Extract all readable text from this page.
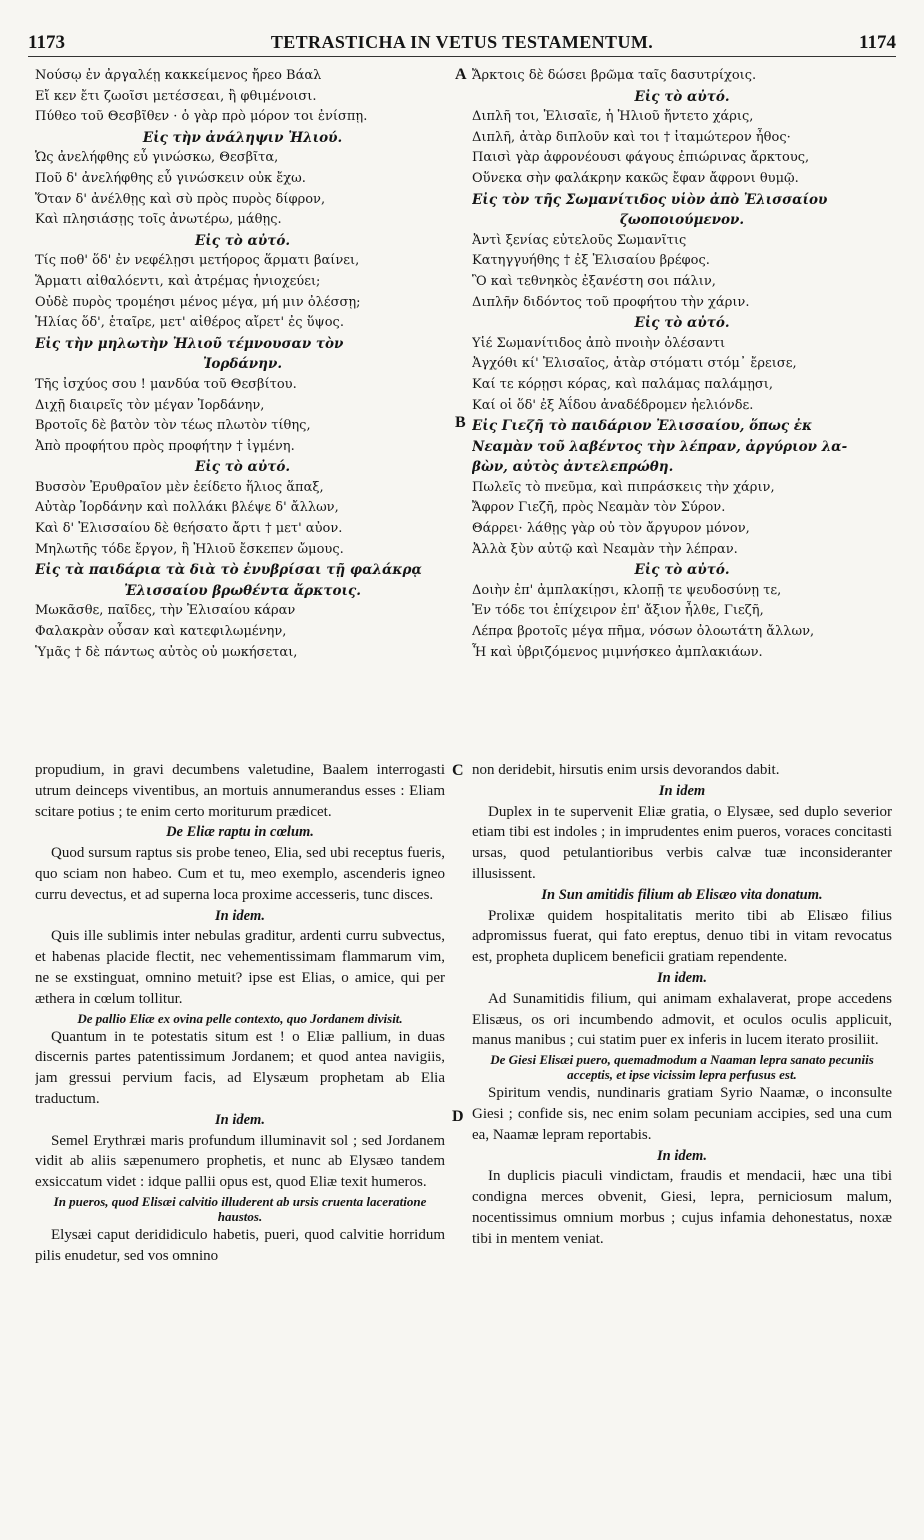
1173	TETRASTICHA IN VETUS TESTAMENTUM.	1174
Νούσῳ ἐν ἀργαλέῃ κακκείμενος ἤρεο Βάαλ
Εἴ κεν ἔτι ζωοῖσι μετέσσεαι, ἢ φθιμένοισι.
Πύθεο τοῦ Θεσβῖθεν · ὁ γὰρ πρὸ μόρον τοι ἐνίσπῃ.
Εἰς τὴν ἀνάληψιν Ἠλιού.
Ὡς ἀνελήφθης εὖ γινώσκω, Θεσβῖτα,
Ποῦ δ' ἀνελήφθης εὖ γινώσκειν οὐκ ἔχω.
Ὅταν δ' ἀνέλθῃς καὶ σὺ πρὸς πυρὸς δίφρον,
Καὶ πλησιάσῃς τοῖς ἀνωτέρω, μάθῃς.
Εἰς τὸ αὐτό.
Τίς ποθ' ὅδ' ἐν νεφέλῃσι μετήορος ἅρματι βαίνει,
Ἅρματι αἰθαλόεντι, καὶ ἀτρέμας ἡνιοχεύει;
Οὐδὲ πυρὸς τρομέησι μένος μέγα, μή μιν ὀλέσσῃ;
Ἠλίας ὅδ', ἑταῖρε, μετ' αἰθέρος αἴρετ' ἐς ὕψος.
Εἰς τὴν μηλωτὴν Ἠλιοῦ τέμνουσαν τὸν
Ἰορδάνην.
Τῆς ἰσχύος σου ! μανδύα τοῦ Θεσβίτου.
Διχῇ διαιρεῖς τὸν μέγαν Ἰορδάνην,
Βροτοῖς δὲ βατὸν τὸν τέως πλωτὸν τίθης,
Ἀπὸ προφήτου πρὸς προφήτην † ἰγμένη.
Εἰς τὸ αὐτό.
Βυσσὸν Ἐρυθραῖον μὲν ἐείδετο ἥλιος ἅπαξ,
Αὐτὰρ Ἰορδάνην καὶ πολλάκι βλέψε δ' ἄλλων,
Καὶ δ' Ἐλισσαίου δὲ θεήσατο ἄρτι † μετ' αὐον.
Μηλωτῆς τόδε ἔργον, ἣ Ἠλιοῦ ἔσκεπεν ὤμους.
Εἰς τὰ παιδάρια τὰ διὰ τὸ ἐνυβρίσαι τῇ φαλάκρᾳ
Ἐλισσαίου βρωθέντα ἄρκτοις.
Μωκᾶσθε, παῖδες, τὴν Ἐλισαίου κάραν
Φαλακρὰν οὖσαν καὶ κατεφιλωμένην,
Ὑμᾶς † δὲ πάντως αὐτὸς οὐ μωκήσεται,
Ἄρκτοις δὲ δώσει βρῶμα ταῖς δασυτρίχοις.
Εἰς τὸ αὐτό.
Διπλῆ τοι, Ἐλισαῖε, ἡ Ἠλιοῦ ἤντετο χάρις,
Διπλῆ, ἀτὰρ διπλοῦν καὶ τοι † ἰταμώτερον ἦθος·
Παισὶ γὰρ ἀφρονέουσι φάγους ἐπιώρινας ἄρκτους,
Οὕνεκα σὴν φαλάκρην κακῶς ἔφαν ἄφρονι θυμῷ.
Εἰς τὸν τῆς Σωμανίτιδος υἱὸν ἀπὸ Ἐλισσαίου
ζωοποιούμενον.
Ἀντὶ ξενίας εὐτελοῦς Σωμανῖτις
Κατηγγυήθης † ἐξ Ἐλισαίου βρέφος.
Ὃ καὶ τεθνηκὸς ἐξανέστη σοι πάλιν,
Διπλῆν διδόντος τοῦ προφήτου τὴν χάριν.
Εἰς τὸ αὐτό.
Υἱέ Σωμανίτιδος ἀπὸ πνοιὴν ὀλέσαντι
Ἀγχόθι κί' Ἐλισαῖος, ἀτὰρ στόματι στόμ᾽ ἔρεισε,
Καί τε κόρῃσι κόρας, καὶ παλάμας παλάμῃσι,
Καί οἱ ὅδ' ἐξ Ἀΐδου ἀναδέδρομεν ἠελιόνδε.
Εἰς Γιεζῆ τὸ παιδάριον Ἐλισσαίου, ὅπως ἐκ
Νεαμὰν τοῦ λαβέντος τὴν λέπραν, ἀργύριον λα-
βὼν, αὐτὸς ἀντελεπρώθη.
Πωλεῖς τὸ πνεῦμα, καὶ πιπράσκεις τὴν χάριν,
Ἄφρον Γιεζῆ, πρὸς Νεαμὰν τὸν Σύρον.
Θάρρει· λάθῃς γὰρ οὐ τὸν ἄργυρον μόνον,
Ἀλλὰ ξὺν αὐτῷ καὶ Νεαμὰν τὴν λέπραν.
Εἰς τὸ αὐτό.
Δοιὴν ἐπ' ἀμπλακίῃσι, κλοπῇ τε ψευδοσύνῃ τε,
Ἐν τόδε τοι ἐπίχειρον ἐπ' ἄξιον ἦλθε, Γιεζῆ,
Λέπρα βροτοῖς μέγα πῆμα, νόσων ὀλοωτάτη ἄλλων,
Ἧ καὶ ὑβριζόμενος μιμνήσκεο ἀμπλακιάων.

propudium, in gravi decumbens valetudine, Baalem interrogasti utrum deinceps viventibus, an mortuis annumerandus esses : Eliam scitare potius ; te enim certo moriturum prædicet.

De Eliæ raptu in cœlum.

Quod sursum raptus sis probe teneo, Elia, sed ubi receptus fueris, quo sciam non habeo. Cum et tu, meo exemplo, ascenderis igneo curru devectus, et ad superna loca proxime accesseris, tunc disces.

In idem.

Quis ille sublimis inter nebulas graditur, ardenti curru subvectus, et habenas placide flectit, nec vehementissimam flammarum vim, ne se exstinguat, omnino metuit? ipse est Elias, o amice, qui per æthera in cœlum tollitur.

De pallio Eliæ ex ovina pelle contexto, quo Jordanem divisit.

Quantum in te potestatis situm est ! o Eliæ pallium, in duas discernis partes patentissimum Jordanem; et quod antea navigiis, jam gressui pervium facis, ad Elysæum prophetam ab Elia traductum.

In idem.

Semel Erythræi maris profundum illuminavit sol ; sed Jordanem vidit ab aliis sæpenumero prophetis, et nunc ab Elysæo tandem exsiccatum videt : idque pallii opus est, quod Eliæ texit humeros.

In pueros, quod Elisæi calvitio illuderent ab ursis cruenta laceratione haustos.

Elysæi caput derididiculo habetis, pueri, quod calvitie horridum pilis enudetur, sed vos omnino

non deridebit, hirsutis enim ursis devorandos dabit.

In idem

Duplex in te supervenit Eliæ gratia, o Elysæe, sed duplo severior etiam tibi est indoles ; in imprudentes enim pueros, voraces concitasti ursas, quod petulantioribus verbis calvæ tuæ inconsideranter illusissent.

In Sun amitidis filium ab Elisæo vita donatum.

Prolixæ quidem hospitalitatis merito tibi ab Elisæo filius adpromissus fuerat, qui fato ereptus, denuo tibi in vitam revocatus est, propheta duplicem beneficii gratiam rependente.

In idem.

Ad Sunamitidis filium, qui animam exhalaverat, prope accedens Elisæus, os ori incumbendo admovit, et oculos oculis applicuit, manus manibus ; cui statim puer ex inferis in lucem iterato prosiliit.

De Giesi Elisæi puero, quemadmodum a Naaman lepra sanato pecuniis acceptis, et ipse vicissim lepra perfusus est.

Spiritum vendis, nundinaris gratiam Syrio Naamæ, o inconsulte Giesi ; confide sis, nec enim solam pecuniam accipies, sed una cum ea, Naamæ lepram reportabis.

In idem.

In duplicis piaculi vindictam, fraudis et mendacii, hæc una tibi condigna merces obvenit, Giesi, lepra, perniciosum malum, nocentissimus omnium morbus ; cujus infamia dehonestatus, noxæ tibi in mentem veniat.

A
B
C
D
